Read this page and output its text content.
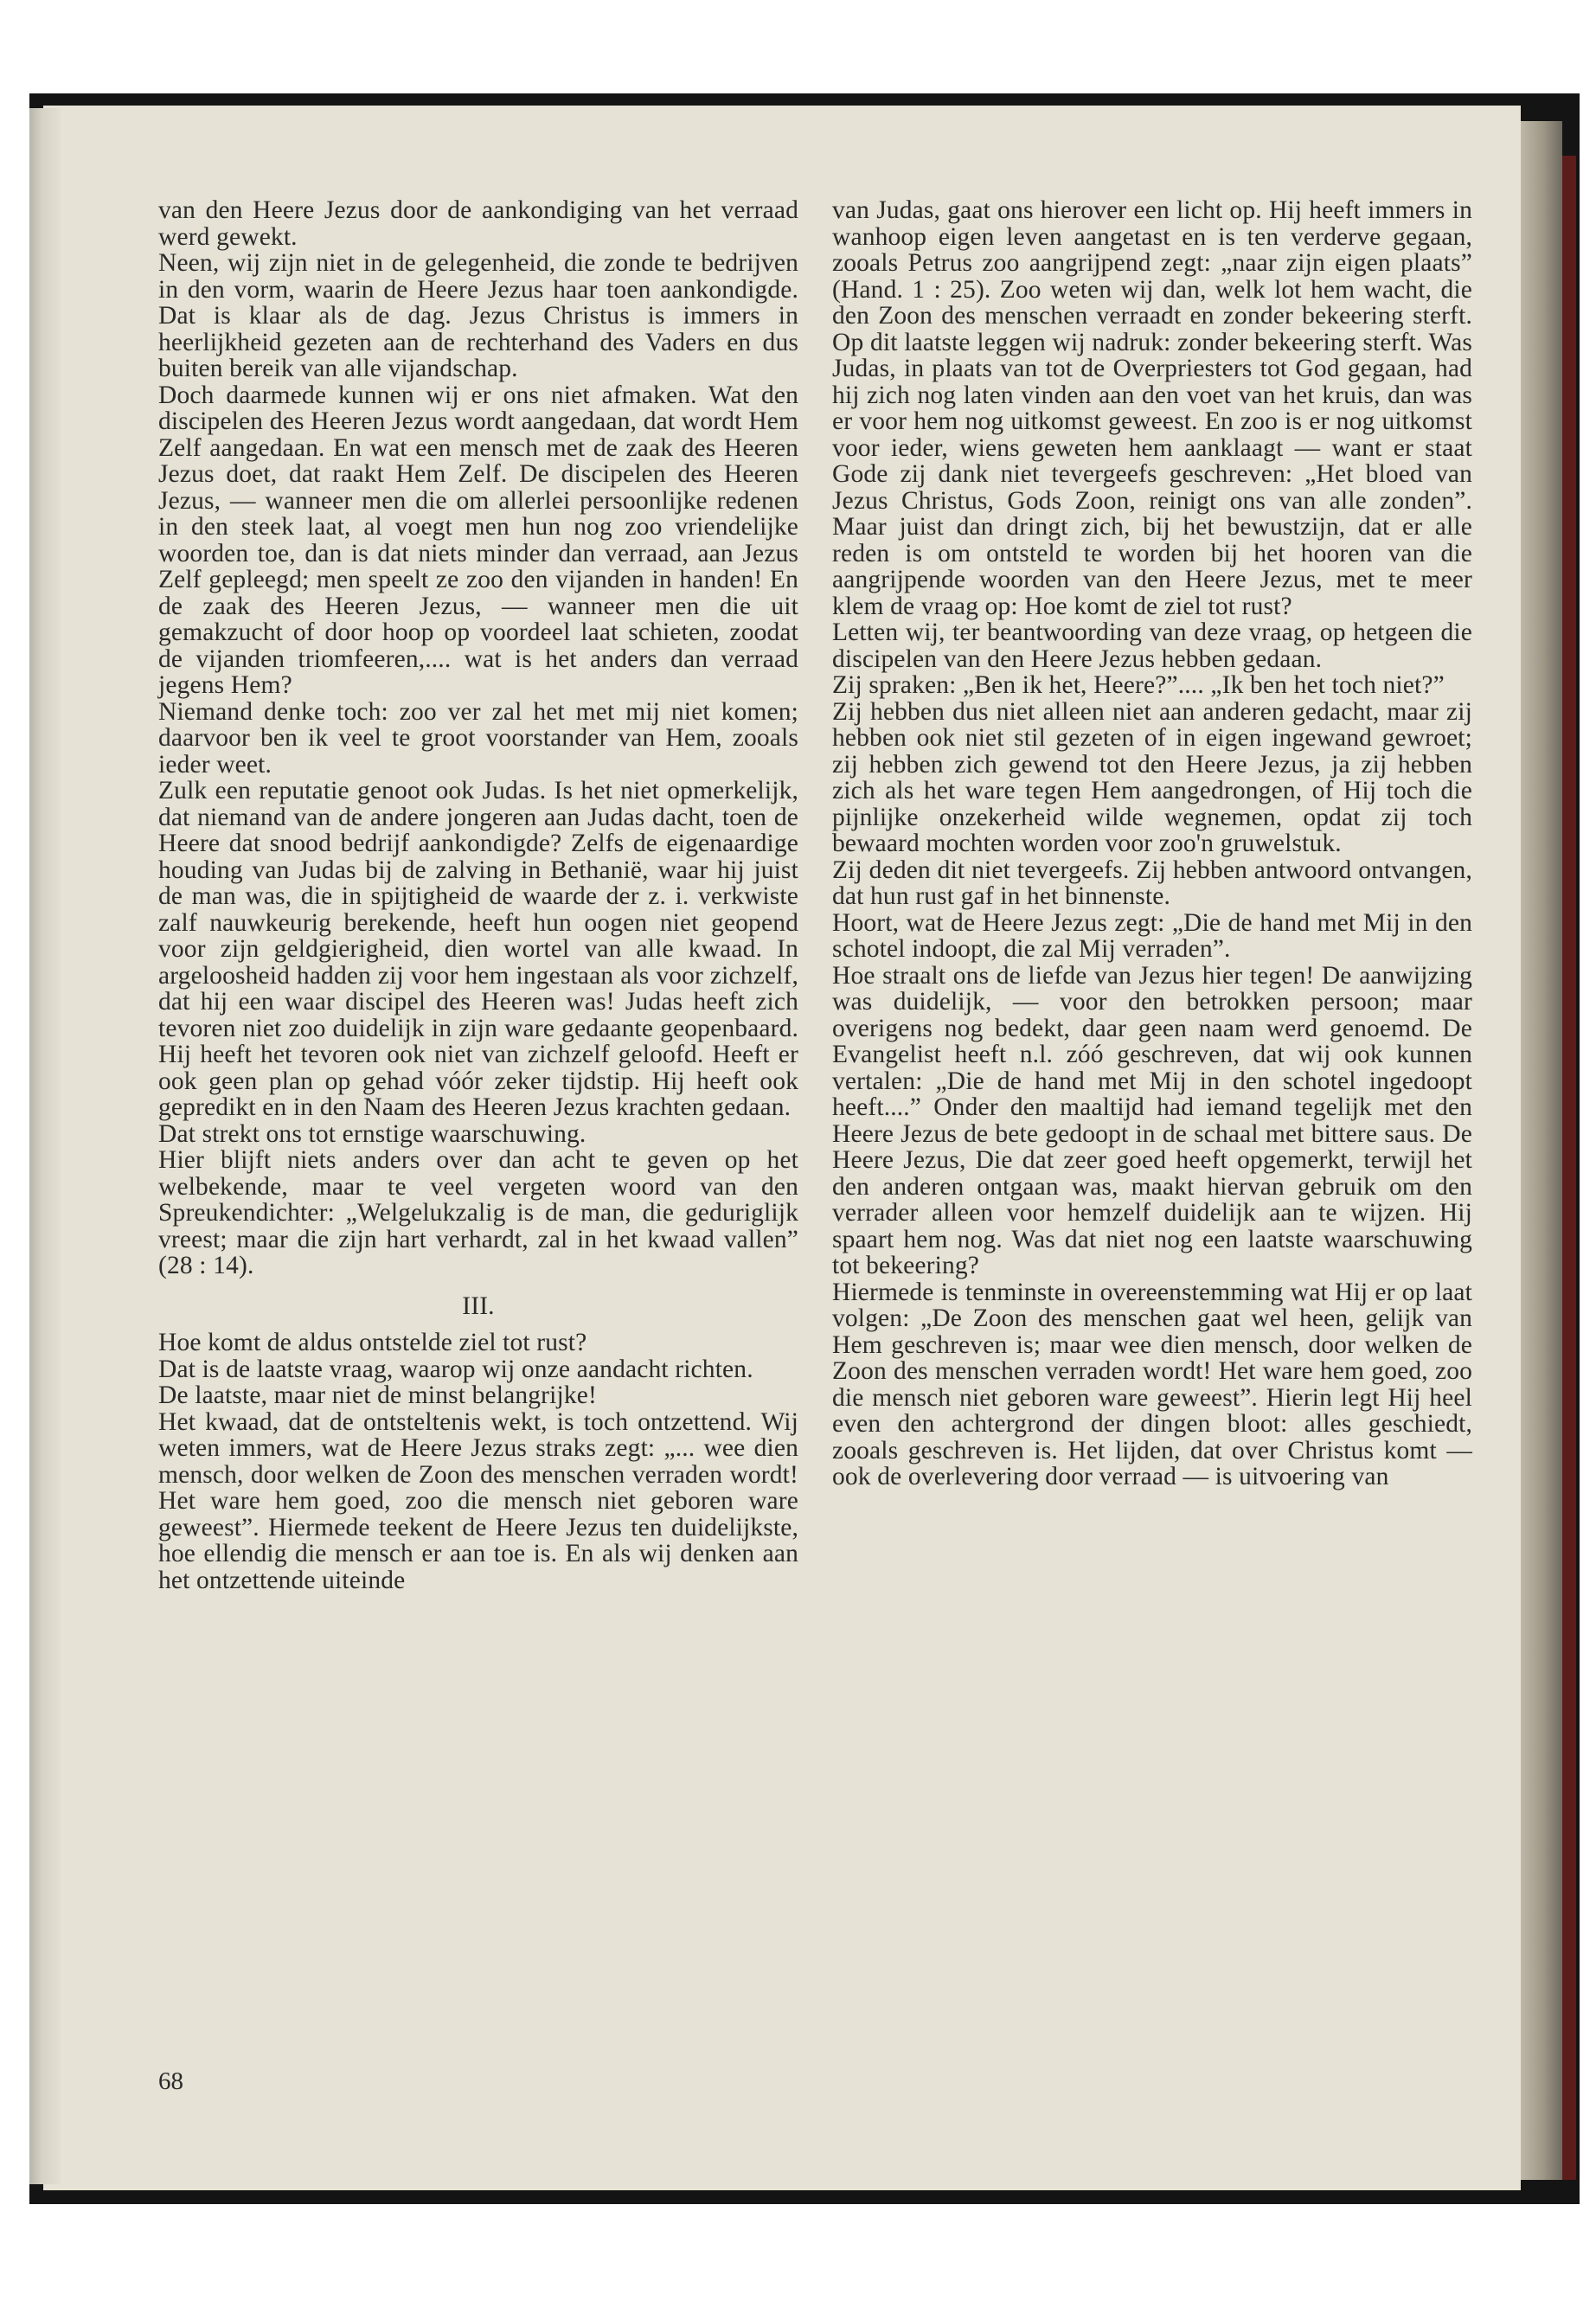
van den Heere Jezus door de aankondiging van het verraad werd gewekt.

Neen, wij zijn niet in de gelegenheid, die zonde te bedrijven in den vorm, waarin de Heere Jezus haar toen aankondigde. Dat is klaar als de dag. Jezus Christus is immers in heerlijkheid gezeten aan de rechterhand des Vaders en dus buiten bereik van alle vijandschap.

Doch daarmede kunnen wij er ons niet afmaken. Wat den discipelen des Heeren Jezus wordt aangedaan, dat wordt Hem Zelf aangedaan. En wat een mensch met de zaak des Heeren Jezus doet, dat raakt Hem Zelf. De discipelen des Heeren Jezus, — wanneer men die om allerlei persoonlijke redenen in den steek laat, al voegt men hun nog zoo vriendelijke woorden toe, dan is dat niets minder dan verraad, aan Jezus Zelf gepleegd; men speelt ze zoo den vijanden in handen! En de zaak des Heeren Jezus, — wanneer men die uit gemakzucht of door hoop op voordeel laat schieten, zoodat de vijanden triomfeeren,.... wat is het anders dan verraad jegens Hem?

Niemand denke toch: zoo ver zal het met mij niet komen; daarvoor ben ik veel te groot voorstander van Hem, zooals ieder weet.

Zulk een reputatie genoot ook Judas. Is het niet opmerkelijk, dat niemand van de andere jongeren aan Judas dacht, toen de Heere dat snood bedrijf aankondigde? Zelfs de eigenaardige houding van Judas bij de zalving in Bethanië, waar hij juist de man was, die in spijtigheid de waarde der z. i. verkwiste zalf nauwkeurig berekende, heeft hun oogen niet geopend voor zijn geldgierigheid, dien wortel van alle kwaad. In argeloosheid hadden zij voor hem ingestaan als voor zichzelf, dat hij een waar discipel des Heeren was! Judas heeft zich tevoren niet zoo duidelijk in zijn ware gedaante geopenbaard. Hij heeft het tevoren ook niet van zichzelf geloofd. Heeft er ook geen plan op gehad vóór zeker tijdstip. Hij heeft ook gepredikt en in den Naam des Heeren Jezus krachten gedaan.

Dat strekt ons tot ernstige waarschuwing.

Hier blijft niets anders over dan acht te geven op het welbekende, maar te veel vergeten woord van den Spreukendichter: „Welgelukzalig is de man, die geduriglijk vreest; maar die zijn hart verhardt, zal in het kwaad vallen” (28 : 14).

III.

Hoe komt de aldus ontstelde ziel tot rust?

Dat is de laatste vraag, waarop wij onze aandacht richten.

De laatste, maar niet de minst belangrijke!

Het kwaad, dat de ontsteltenis wekt, is toch ontzettend. Wij weten immers, wat de Heere Jezus straks zegt: „... wee dien mensch, door welken de Zoon des menschen verraden wordt! Het ware hem goed, zoo die mensch niet geboren ware geweest”. Hiermede teekent de Heere Jezus ten duidelijkste, hoe ellendig die mensch er aan toe is. En als wij denken aan het ontzettende uiteinde

van Judas, gaat ons hierover een licht op. Hij heeft immers in wanhoop eigen leven aangetast en is ten verderve gegaan, zooals Petrus zoo aangrijpend zegt: „naar zijn eigen plaats” (Hand. 1 : 25). Zoo weten wij dan, welk lot hem wacht, die den Zoon des menschen verraadt en zonder bekeering sterft. Op dit laatste leggen wij nadruk: zonder bekeering sterft. Was Judas, in plaats van tot de Overpriesters tot God gegaan, had hij zich nog laten vinden aan den voet van het kruis, dan was er voor hem nog uitkomst geweest. En zoo is er nog uitkomst voor ieder, wiens geweten hem aanklaagt — want er staat Gode zij dank niet tevergeefs geschreven: „Het bloed van Jezus Christus, Gods Zoon, reinigt ons van alle zonden”. Maar juist dan dringt zich, bij het bewustzijn, dat er alle reden is om ontsteld te worden bij het hooren van die aangrijpende woorden van den Heere Jezus, met te meer klem de vraag op: Hoe komt de ziel tot rust?

Letten wij, ter beantwoording van deze vraag, op hetgeen die discipelen van den Heere Jezus hebben gedaan.

Zij spraken: „Ben ik het, Heere?”.... „Ik ben het toch niet?”

Zij hebben dus niet alleen niet aan anderen gedacht, maar zij hebben ook niet stil gezeten of in eigen ingewand gewroet; zij hebben zich gewend tot den Heere Jezus, ja zij hebben zich als het ware tegen Hem aangedrongen, of Hij toch die pijnlijke onzekerheid wilde wegnemen, opdat zij toch bewaard mochten worden voor zoo'n gruwelstuk.

Zij deden dit niet tevergeefs. Zij hebben antwoord ontvangen, dat hun rust gaf in het binnenste.

Hoort, wat de Heere Jezus zegt: „Die de hand met Mij in den schotel indoopt, die zal Mij verraden”.

Hoe straalt ons de liefde van Jezus hier tegen! De aanwijzing was duidelijk, — voor den betrokken persoon; maar overigens nog bedekt, daar geen naam werd genoemd. De Evangelist heeft n.l. zóó geschreven, dat wij ook kunnen vertalen: „Die de hand met Mij in den schotel ingedoopt heeft....” Onder den maaltijd had iemand tegelijk met den Heere Jezus de bete gedoopt in de schaal met bittere saus. De Heere Jezus, Die dat zeer goed heeft opgemerkt, terwijl het den anderen ontgaan was, maakt hiervan gebruik om den verrader alleen voor hemzelf duidelijk aan te wijzen. Hij spaart hem nog. Was dat niet nog een laatste waarschuwing tot bekeering?

Hiermede is tenminste in overeenstemming wat Hij er op laat volgen: „De Zoon des menschen gaat wel heen, gelijk van Hem geschreven is; maar wee dien mensch, door welken de Zoon des menschen verraden wordt! Het ware hem goed, zoo die mensch niet geboren ware geweest”. Hierin legt Hij heel even den achtergrond der dingen bloot: alles geschiedt, zooals geschreven is. Het lijden, dat over Christus komt — ook de overlevering door verraad — is uitvoering van

68
